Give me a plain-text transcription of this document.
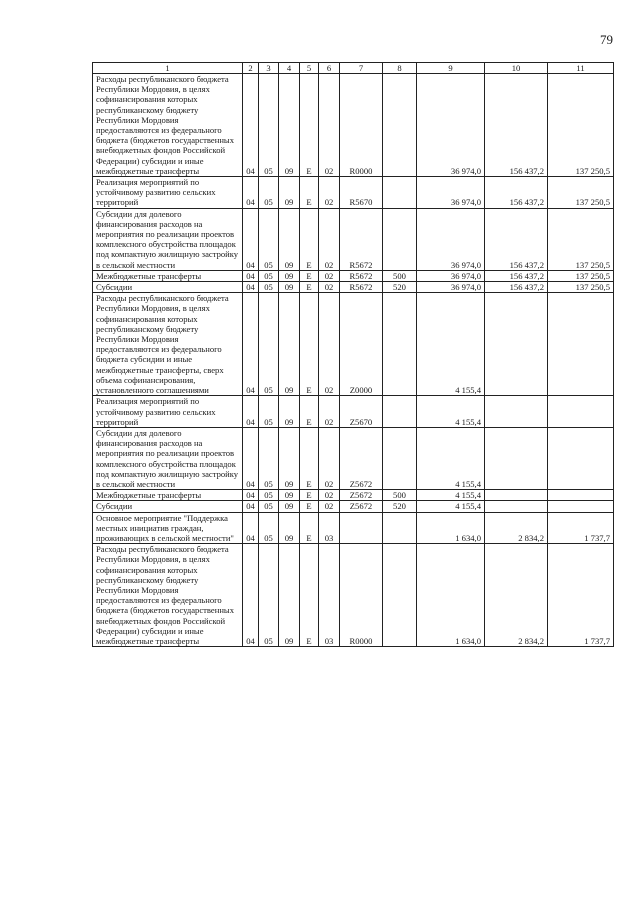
79
1	2	3	4	5	6	7	8	9	10	11
Расходы республиканского бюджета Республики Мордовия, в целях софинансирования которых республиканскому бюджету Республики Мордовия предоставляются из федерального бюджета (бюджетов государственных внебюджетных фондов Российской Федерации) субсидии и иные межбюджетные трансферты	04	05	09	Е	02	R0000		36 974,0	156 437,2	137 250,5
Реализация мероприятий по устойчивому развитию сельских территорий	04	05	09	Е	02	R5670		36 974,0	156 437,2	137 250,5
Субсидии для долевого финансирования расходов на мероприятия по реализации проектов комплексного обустройства площадок под компактную жилищную застройку в сельской местности	04	05	09	Е	02	R5672		36 974,0	156 437,2	137 250,5
Межбюджетные трансферты	04	05	09	Е	02	R5672	500	36 974,0	156 437,2	137 250,5
Субсидии	04	05	09	Е	02	R5672	520	36 974,0	156 437,2	137 250,5
Расходы республиканского бюджета Республики Мордовия, в целях софинансирования которых республиканскому бюджету Республики Мордовия предоставляются из федерального бюджета субсидии и иные межбюджетные трансферты, сверх объема софинансирования, установленного соглашениями	04	05	09	Е	02	Z0000		4 155,4		
Реализация мероприятий по устойчивому развитию сельских территорий	04	05	09	Е	02	Z5670		4 155,4		
Субсидии для долевого финансирования расходов на мероприятия по реализации проектов комплексного обустройства площадок под компактную жилищную застройку в сельской местности	04	05	09	Е	02	Z5672		4 155,4		
Межбюджетные трансферты	04	05	09	Е	02	Z5672	500	4 155,4		
Субсидии	04	05	09	Е	02	Z5672	520	4 155,4		
Основное мероприятие "Поддержка местных инициатив граждан, проживающих в сельской местности"	04	05	09	Е	03			1 634,0	2 834,2	1 737,7
Расходы республиканского бюджета Республики Мордовия, в целях софинансирования которых республиканскому бюджету Республики Мордовия предоставляются из федерального бюджета (бюджетов государственных внебюджетных фондов Российской Федерации) субсидии и иные межбюджетные трансферты	04	05	09	Е	03	R0000		1 634,0	2 834,2	1 737,7
